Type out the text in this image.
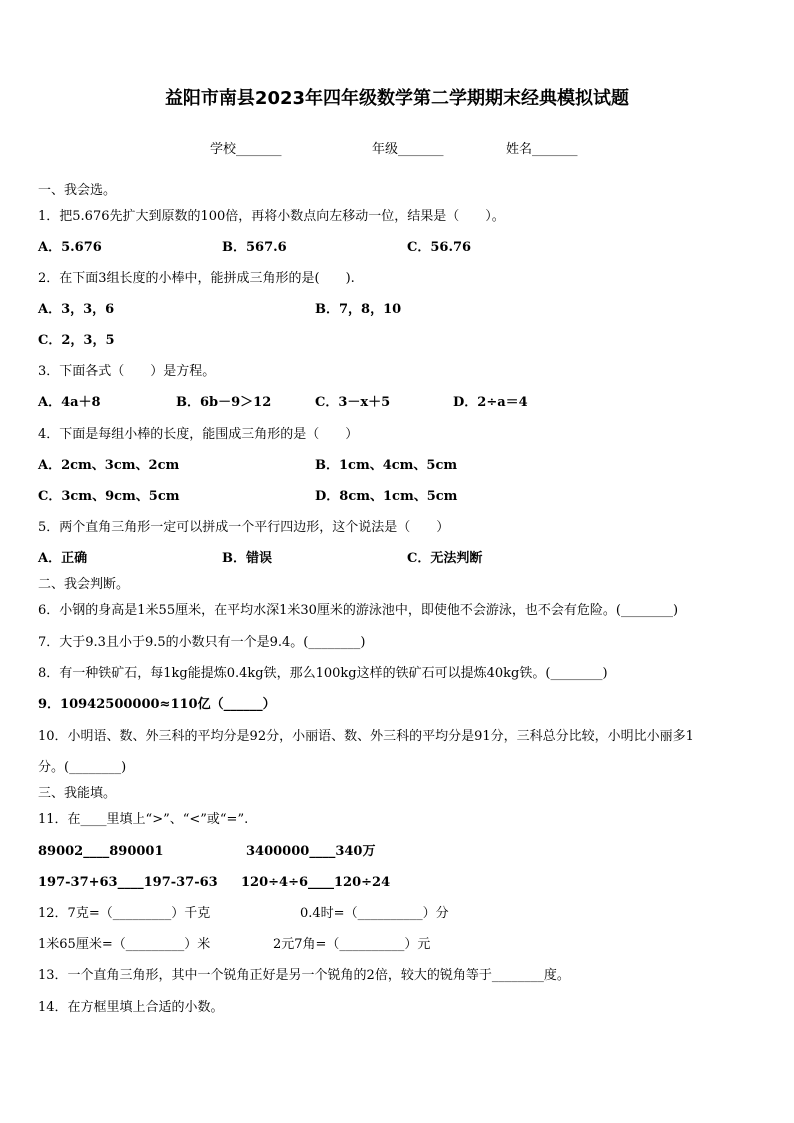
益阳市南县2023年四年级数学第二学期期末经典模拟试题
学校_______	年级_______	姓名_______
一、我会选。
1．把5.676先扩大到原数的100倍，再将小数点向左移动一位，结果是（　　）。
A．5.676	B．567.6	C．56.76
2．在下面3组长度的小棒中，能拼成三角形的是(　　).
A．3，3，6	B．7，8，10
C．2，3，5
3．下面各式（　　）是方程。
A．4a＋8	B．6b－9＞12	C．3－x＋5	D．2÷a＝4
4．下面是每组小棒的长度，能围成三角形的是（　　）
A．2cm、3cm、2cm	B．1cm、4cm、5cm
C．3cm、9cm、5cm	D．8cm、1cm、5cm
5．两个直角三角形一定可以拼成一个平行四边形，这个说法是（　　）
A．正确	B．错误	C．无法判断
二、我会判断。
6．小钢的身高是1米55厘米，在平均水深1米30厘米的游泳池中，即使他不会游泳，也不会有危险。(________)
7．大于9.3且小于9.5的小数只有一个是9.4。(________)
8．有一种铁矿石，每1kg能提炼0.4kg铁，那么100kg这样的铁矿石可以提炼40kg铁。(________)
9．10942500000≈110亿（______）
10．小明语、数、外三科的平均分是92分，小丽语、数、外三科的平均分是91分，三科总分比较，小明比小丽多1
分。(________)
三、我能填。
11．在____里填上“>”、“<”或“=”.
89002____890001	3400000____340万
197-37+63____197-37-63 120÷4÷6____120÷24
12．7克=（_________）千克	0.4时=（__________）分
1米65厘米=（_________）米	2元7角=（__________）元
13．一个直角三角形，其中一个锐角正好是另一个锐角的2倍，较大的锐角等于________度。
14．在方框里填上合适的小数。
